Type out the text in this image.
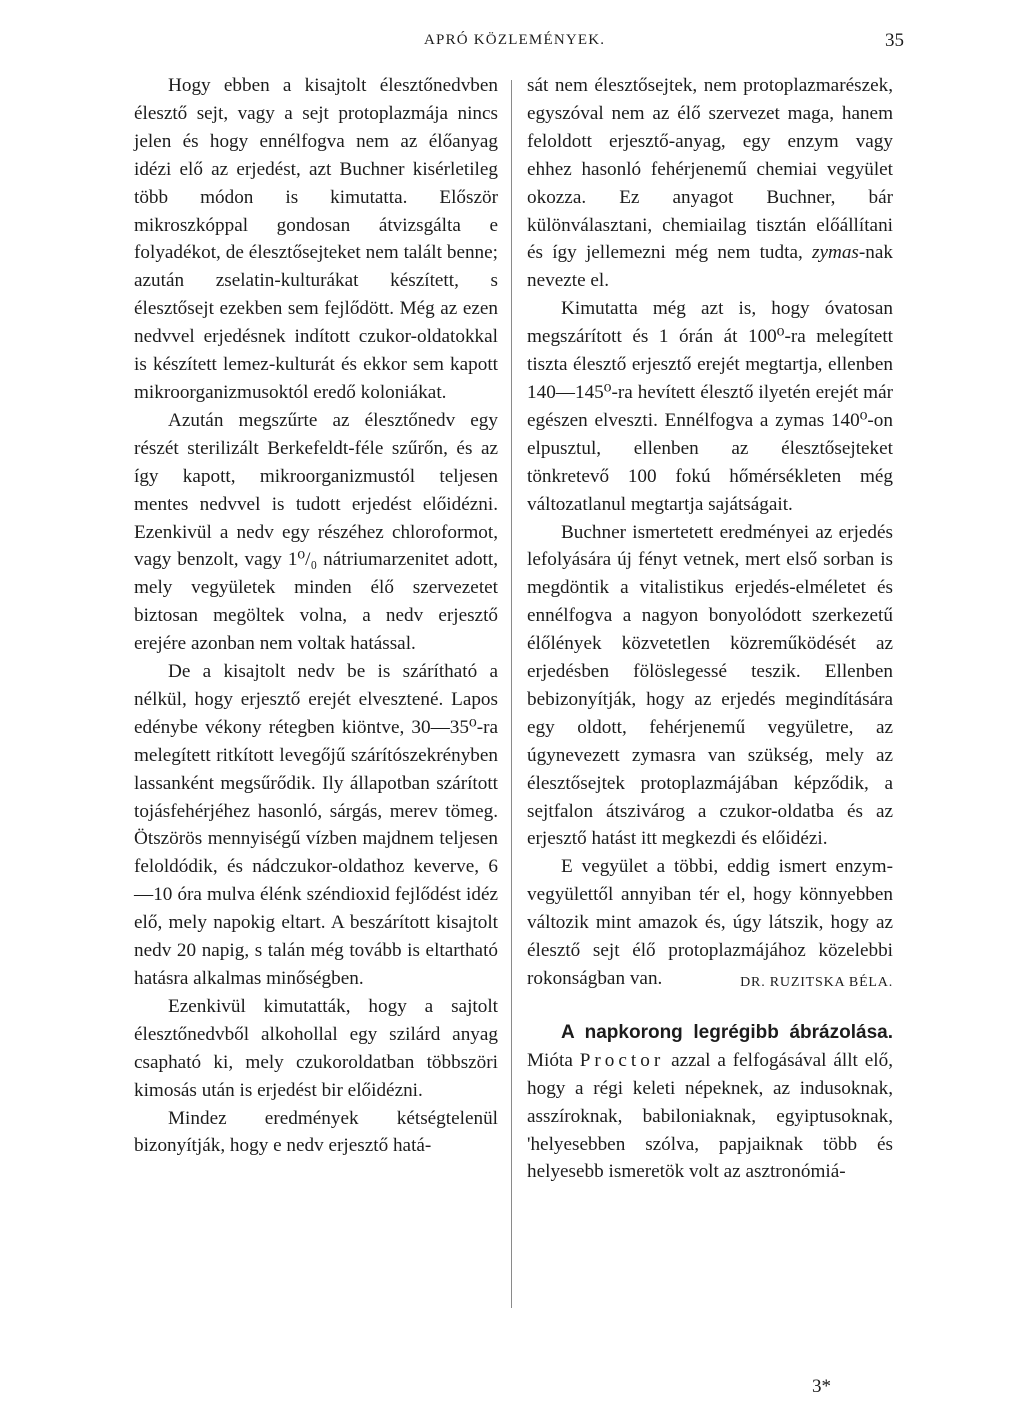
APRÓ KÖZLEMÉNYEK.	35

Hogy ebben a kisajtolt élesztőnedvben élesztő sejt, vagy a sejt protoplazmája nincs jelen és hogy ennélfogva nem az élőanyag idézi elő az erjedést, azt Buchner kisérletileg több módon is kimutatta. Először mikroszkóppal gondosan átvizsgálta e folyadékot, de élesztősejteket nem talált benne; azután zselatin-kulturákat készített, s élesztősejt ezekben sem fejlődött. Még az ezen nedvvel erjedésnek indított czukor-oldatokkal is készített lemez-kulturát és ekkor sem kapott mikroorganizmusoktól eredő koloniákat.

Azután megszűrte az élesztőnedv egy részét sterilizált Berkefeldt-féle szűrőn, és az így kapott, mikroorganizmustól teljesen mentes nedvvel is tudott erjedést előidézni. Ezenkivül a nedv egy részéhez chloroformot, vagy benzolt, vagy 1⁰/₀ nátriumarzenitet adott, mely vegyületek minden élő szervezetet biztosan megöltek volna, a nedv erjesztő erejére azonban nem voltak hatással.

De a kisajtolt nedv be is szárítható a nélkül, hogy erjesztő erejét elvesztené. Lapos edénybe vékony rétegben kiöntve, 30—35⁰-ra melegített ritkított levegőjű szárítószekrényben lassanként megsűrődik. Ily állapotban szárított tojásfehérjéhez hasonló, sárgás, merev tömeg. Ötszörös mennyiségű vízben majdnem teljesen feloldódik, és nádczukor-oldathoz keverve, 6—10 óra mulva élénk széndioxid fejlődést idéz elő, mely napokig eltart. A beszárított kisajtolt nedv 20 napig, s talán még tovább is eltartható hatásra alkalmas minőségben.

Ezenkivül kimutatták, hogy a sajtolt élesztőnedvből alkohollal egy szilárd anyag csapható ki, mely czukoroldatban többszöri kimosás után is erjedést bir előidézni.

Mindez eredmények kétségtelenül bizonyítják, hogy e nedv erjesztő hatá-

sát nem élesztősejtek, nem protoplazmarészek, egyszóval nem az élő szervezet maga, hanem feloldott erjesztő-anyag, egy enzym vagy ehhez hasonló fehérjenemű chemiai vegyület okozza. Ez anyagot Buchner, bár különválasztani, chemiailag tisztán előállítani és így jellemezni még nem tudta, zymas-nak nevezte el.

Kimutatta még azt is, hogy óvatosan megszárított és 1 órán át 100⁰-ra melegített tiszta élesztő erjesztő erejét megtartja, ellenben 140—145⁰-ra hevített élesztő ilyetén erejét már egészen elveszti. Ennélfogva a zymas 140⁰-on elpusztul, ellenben az élesztősejteket tönkretevő 100 fokú hőmérsékleten még változatlanul megtartja sajátságait.

Buchner ismertetett eredményei az erjedés lefolyására új fényt vetnek, mert első sorban is megdöntik a vitalistikus erjedés-elméletet és ennélfogva a nagyon bonyolódott szerkezetű élőlények közvetetlen közreműködését az erjedésben fölöslegessé teszik. Ellenben bebizonyítják, hogy az erjedés megindítására egy oldott, fehérjenemű vegyületre, az úgynevezett zymasra van szükség, mely az élesztősejtek protoplazmájában képződik, a sejtfalon átszivárog a czukor-oldatba és az erjesztő hatást itt megkezdi és előidézi.

E vegyület a többi, eddig ismert enzym-vegyülettől annyiban tér el, hogy könnyebben változik mint amazok és, úgy látszik, hogy az élesztő sejt élő protoplazmájához közelebbi rokonságban van.	DR. RUZITSKA BÉLA.

A napkorong legrégibb ábrázolása. Mióta Proctor azzal a felfogásával állt elő, hogy a régi keleti népeknek, az indusoknak, asszíroknak, babiloniaknak, egyiptusoknak, 'helyesebben szólva, papjaiknak több és helyesebb ismeretök volt az asztronómiá-

3*
